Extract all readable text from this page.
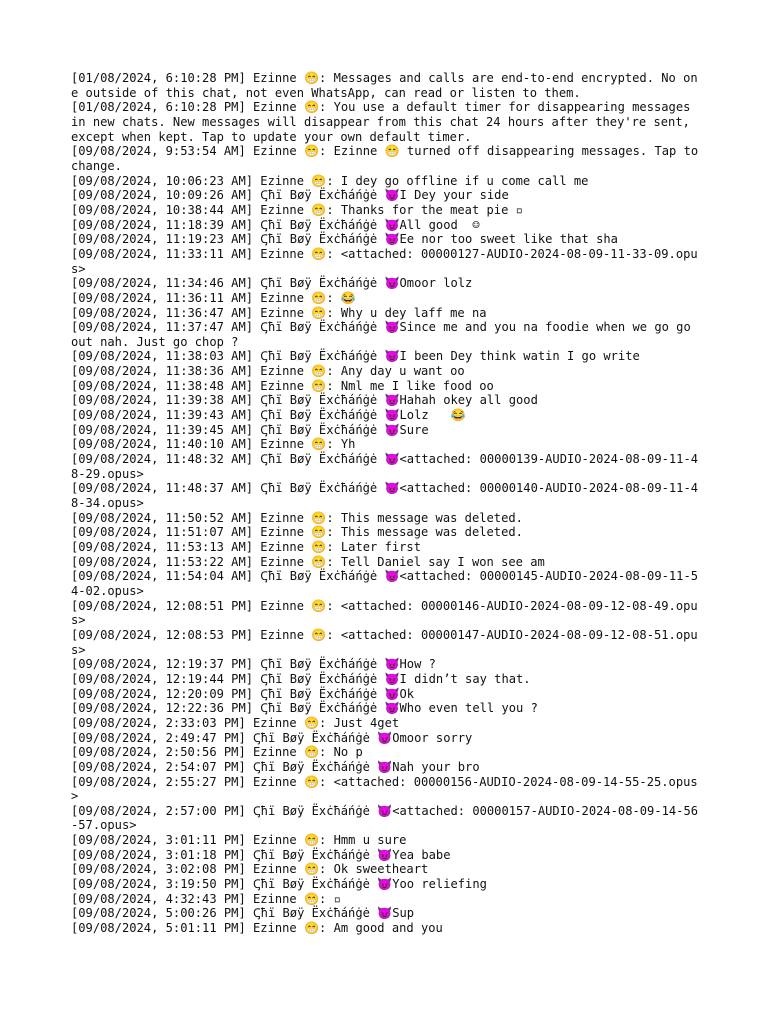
[01/08/2024, 6:10:28 PM] Ezinne 😁: Messages and calls are end-to-end encrypted. No one outside of this chat, not even WhatsApp, can read or listen to them.
[01/08/2024, 6:10:28 PM] Ezinne 😁: You use a default timer for disappearing messages in new chats. New messages will disappear from this chat 24 hours after they're sent, except when kept. Tap to update your own default timer.
[09/08/2024, 9:53:54 AM] Ezinne 😁: Ezinne 😁 turned off disappearing messages. Tap to change.
[09/08/2024, 10:06:23 AM] Ezinne 😁: I dey go offline if u come call me
[09/08/2024, 10:09:26 AM] Ꞔħï Bøÿ Ëxċħáńġė 😈I Dey your side
[09/08/2024, 10:38:44 AM] Ezinne 😁: Thanks for the meat pie ▫
[09/08/2024, 11:18:39 AM] Ꞔħï Bøÿ Ëxċħáńġė 😈All good  ☺
[09/08/2024, 11:19:23 AM] Ꞔħï Bøÿ Ëxċħáńġė 😈Ee nor too sweet like that sha
[09/08/2024, 11:33:11 AM] Ezinne 😁: <attached: 00000127-AUDIO-2024-08-09-11-33-09.opus>
[09/08/2024, 11:34:46 AM] Ꞔħï Bøÿ Ëxċħáńġė 😈Omoor lolz
[09/08/2024, 11:36:11 AM] Ezinne 😁: 😂
[09/08/2024, 11:36:47 AM] Ezinne 😁: Why u dey laff me na
[09/08/2024, 11:37:47 AM] Ꞔħï Bøÿ Ëxċħáńġė 😈Since me and you na foodie when we go go out nah. Just go chop ?
[09/08/2024, 11:38:03 AM] Ꞔħï Bøÿ Ëxċħáńġė 😈I been Dey think watin I go write
[09/08/2024, 11:38:36 AM] Ezinne 😁: Any day u want oo
[09/08/2024, 11:38:48 AM] Ezinne 😁: Nml me I like food oo
[09/08/2024, 11:39:38 AM] Ꞔħï Bøÿ Ëxċħáńġė 😈Hahah okey all good
[09/08/2024, 11:39:43 AM] Ꞔħï Bøÿ Ëxċħáńġė 😈Lolz   😂
[09/08/2024, 11:39:45 AM] Ꞔħï Bøÿ Ëxċħáńġė 😈Sure
[09/08/2024, 11:40:10 AM] Ezinne 😁: Yh
[09/08/2024, 11:48:32 AM] Ꞔħï Bøÿ Ëxċħáńġė 😈<attached: 00000139-AUDIO-2024-08-09-11-48-29.opus>
[09/08/2024, 11:48:37 AM] Ꞔħï Bøÿ Ëxċħáńġė 😈<attached: 00000140-AUDIO-2024-08-09-11-48-34.opus>
[09/08/2024, 11:50:52 AM] Ezinne 😁: This message was deleted.
[09/08/2024, 11:51:07 AM] Ezinne 😁: This message was deleted.
[09/08/2024, 11:53:13 AM] Ezinne 😁: Later first
[09/08/2024, 11:53:22 AM] Ezinne 😁: Tell Daniel say I won see am
[09/08/2024, 11:54:04 AM] Ꞔħï Bøÿ Ëxċħáńġė 😈<attached: 00000145-AUDIO-2024-08-09-11-54-02.opus>
[09/08/2024, 12:08:51 PM] Ezinne 😁: <attached: 00000146-AUDIO-2024-08-09-12-08-49.opus>
[09/08/2024, 12:08:53 PM] Ezinne 😁: <attached: 00000147-AUDIO-2024-08-09-12-08-51.opus>
[09/08/2024, 12:19:37 PM] Ꞔħï Bøÿ Ëxċħáńġė 😈How ?
[09/08/2024, 12:19:44 PM] Ꞔħï Bøÿ Ëxċħáńġė 😈I didn’t say that.
[09/08/2024, 12:20:09 PM] Ꞔħï Bøÿ Ëxċħáńġė 😈Ok
[09/08/2024, 12:22:36 PM] Ꞔħï Bøÿ Ëxċħáńġė 😈Who even tell you ?
[09/08/2024, 2:33:03 PM] Ezinne 😁: Just 4get
[09/08/2024, 2:49:47 PM] Ꞔħï Bøÿ Ëxċħáńġė 😈Omoor sorry
[09/08/2024, 2:50:56 PM] Ezinne 😁: No p
[09/08/2024, 2:54:07 PM] Ꞔħï Bøÿ Ëxċħáńġė 😈Nah your bro
[09/08/2024, 2:55:27 PM] Ezinne 😁: <attached: 00000156-AUDIO-2024-08-09-14-55-25.opus>
[09/08/2024, 2:57:00 PM] Ꞔħï Bøÿ Ëxċħáńġė 😈<attached: 00000157-AUDIO-2024-08-09-14-56-57.opus>
[09/08/2024, 3:01:11 PM] Ezinne 😁: Hmm u sure
[09/08/2024, 3:01:18 PM] Ꞔħï Bøÿ Ëxċħáńġė 😈Yea babe
[09/08/2024, 3:02:08 PM] Ezinne 😁: Ok sweetheart
[09/08/2024, 3:19:50 PM] Ꞔħï Bøÿ Ëxċħáńġė 😈Yoo reliefing
[09/08/2024, 4:32:43 PM] Ezinne 😁: ▫
[09/08/2024, 5:00:26 PM] Ꞔħï Bøÿ Ëxċħáńġė 😈Sup
[09/08/2024, 5:01:11 PM] Ezinne 😁: Am good and you
